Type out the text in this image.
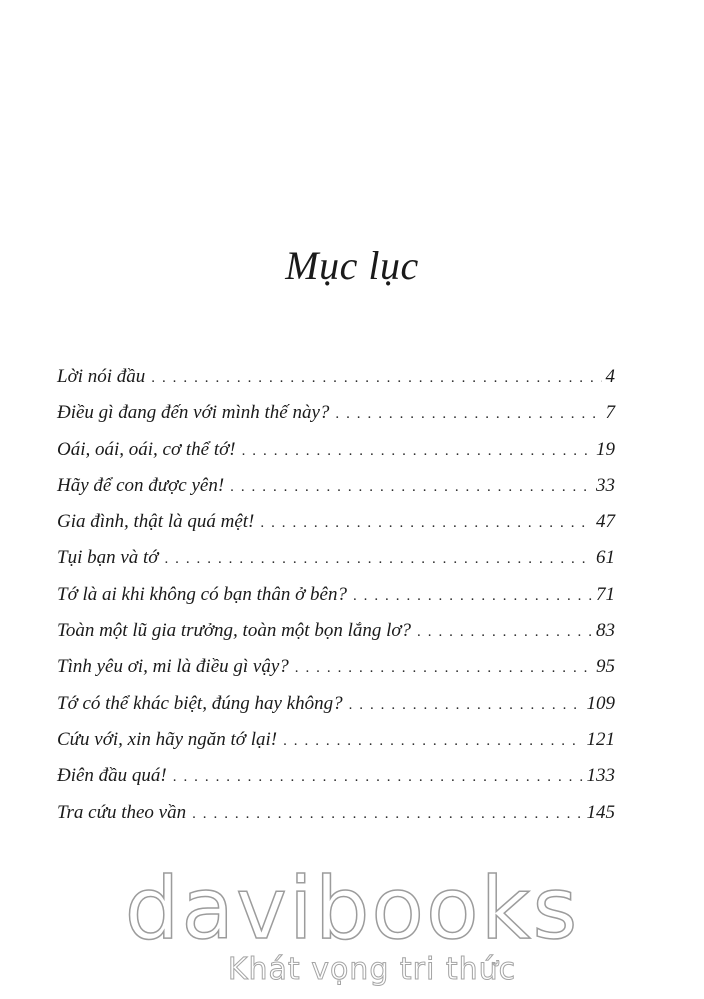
Mục lục
Lời nói đầu . . .	4
Điều gì đang đến với mình thế này? . . .	7
Oái, oái, oái, cơ thể tớ! . . .	19
Hãy để con được yên! . . .	33
Gia đình, thật là quá mệt! . . .	47
Tụi bạn và tớ . . .	61
Tớ là ai khi không có bạn thân ở bên? . . .	71
Toàn một lũ gia trưởng, toàn một bọn lắng lơ? . . .	83
Tình yêu ơi, mi là điều gì vậy? . . .	95
Tớ có thể khác biệt, đúng hay không? . . .	109
Cứu với, xin hãy ngăn tớ lại! . . .	121
Điên đầu quá! . . .	133
Tra cứu theo vần . . .	145
davibooks
Khát vọng tri thức
